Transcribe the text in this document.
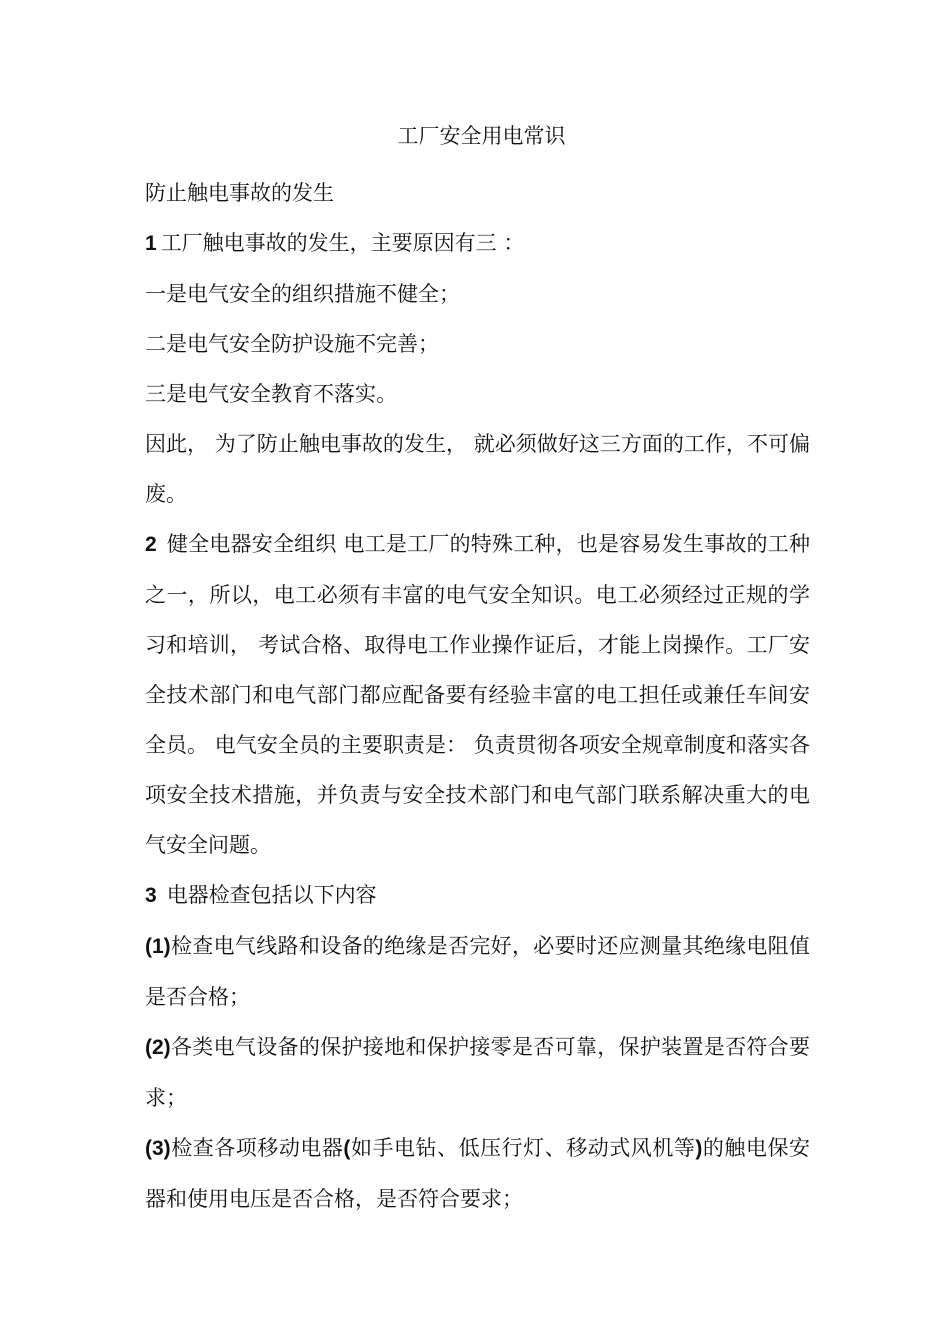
工厂安全用电常识

防止触电事故的发生

1 工厂触电事故的发生，主要原因有三 ：

一是电气安全的组织措施不健全；

二是电气安全防护设施不完善；

三是电气安全教育不落实。

因此， 为了防止触电事故的发生， 就必须做好这三方面的工作，不可偏废。

2 健全电器安全组织 电工是工厂的特殊工种，也是容易发生事故的工种之一，所以，电工必须有丰富的电气安全知识。电工必须经过正规的学习和培训， 考试合格、取得电工作业操作证后，才能上岗操作。工厂安全技术部门和电气部门都应配备要有经验丰富的电工担任或兼任车间安全员。 电气安全员的主要职责是： 负责贯彻各项安全规章制度和落实各项安全技术措施，并负责与安全技术部门和电气部门联系解决重大的电气安全问题。

3 电器检查包括以下内容

(1)检查电气线路和设备的绝缘是否完好，必要时还应测量其绝缘电阻值是否合格；

(2)各类电气设备的保护接地和保护接零是否可靠，保护装置是否符合要求；

(3)检查各项移动电器(如手电钻、低压行灯、移动式风机等)的触电保安器和使用电压是否合格，是否符合要求；
